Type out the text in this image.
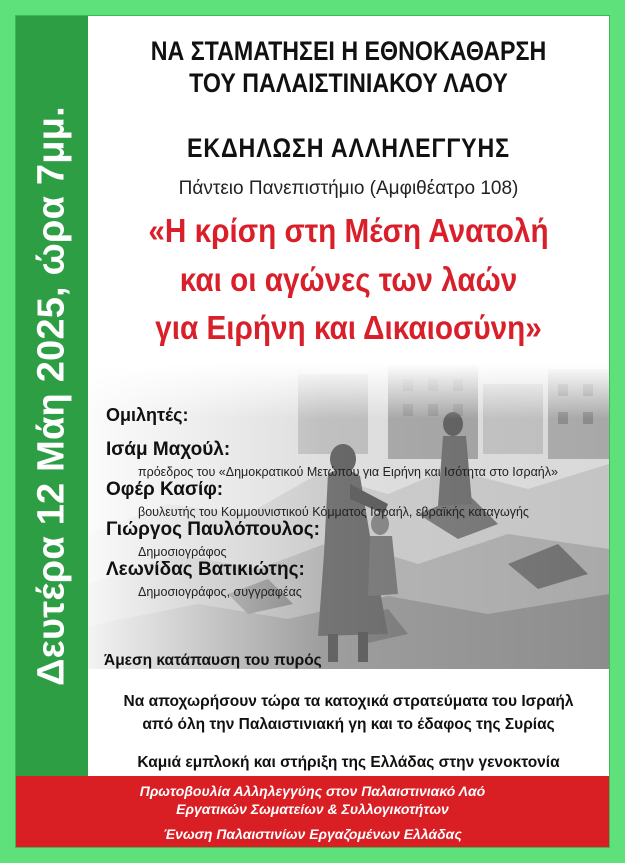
Δευτέρα 12 Μάη 2025, ώρα 7μμ.
ΝΑ ΣΤΑΜΑΤΗΣΕΙ Η ΕΘΝΟΚΑΘΑΡΣΗ
ΤΟΥ ΠΑΛΑΙΣΤΙΝΙΑΚΟΥ ΛΑΟΥ
ΕΚΔΗΛΩΣΗ ΑΛΛΗΛΕΓΓΥΗΣ
Πάντειο Πανεπιστήμιο (Αμφιθέατρο 108)
«Η κρίση στη Μέση Ανατολή
και οι αγώνες των λαών
για Ειρήνη και Δικαιοσύνη»
Ομιλητές:
Ισάμ Μαχούλ:
πρόεδρος του «Δημοκρατικού Μετώπου για Ειρήνη και Ισότητα στο Ισραήλ»
Οφέρ Κασίφ:
βουλευτής του Κομμουνιστικού Κόμματος Ισραήλ, εβραϊκής καταγωγής
Γιώργος Παυλόπουλος:
Δημοσιογράφος
Λεωνίδας Βατικιώτης:
Δημοσιογράφος, συγγραφέας
Άμεση κατάπαυση του πυρός
Να αποχωρήσουν τώρα τα κατοχικά στρατεύματα του Ισραήλ
από όλη την Παλαιστινιακή γη και το έδαφος της Συρίας
Καμιά εμπλοκή και στήριξη της Ελλάδας στην γενοκτονία
Πρωτοβουλία Αλληλεγγύης στον Παλαιστινιακό Λαό
Εργατικών Σωματείων & Συλλογικοτήτων
Ένωση Παλαιστινίων Εργαζομένων Ελλάδας
